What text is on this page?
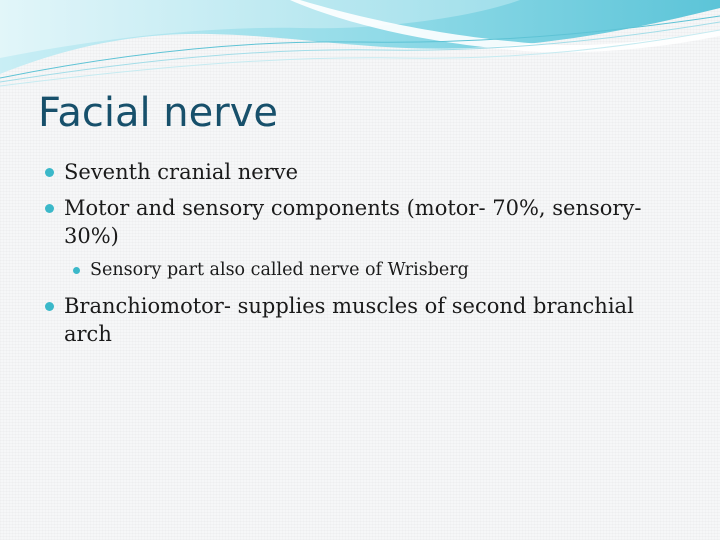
Facial nerve
Seventh cranial nerve
Motor and sensory components (motor- 70%, sensory-30%)
Sensory part also called nerve of Wrisberg
Branchiomotor- supplies muscles of second branchial arch
